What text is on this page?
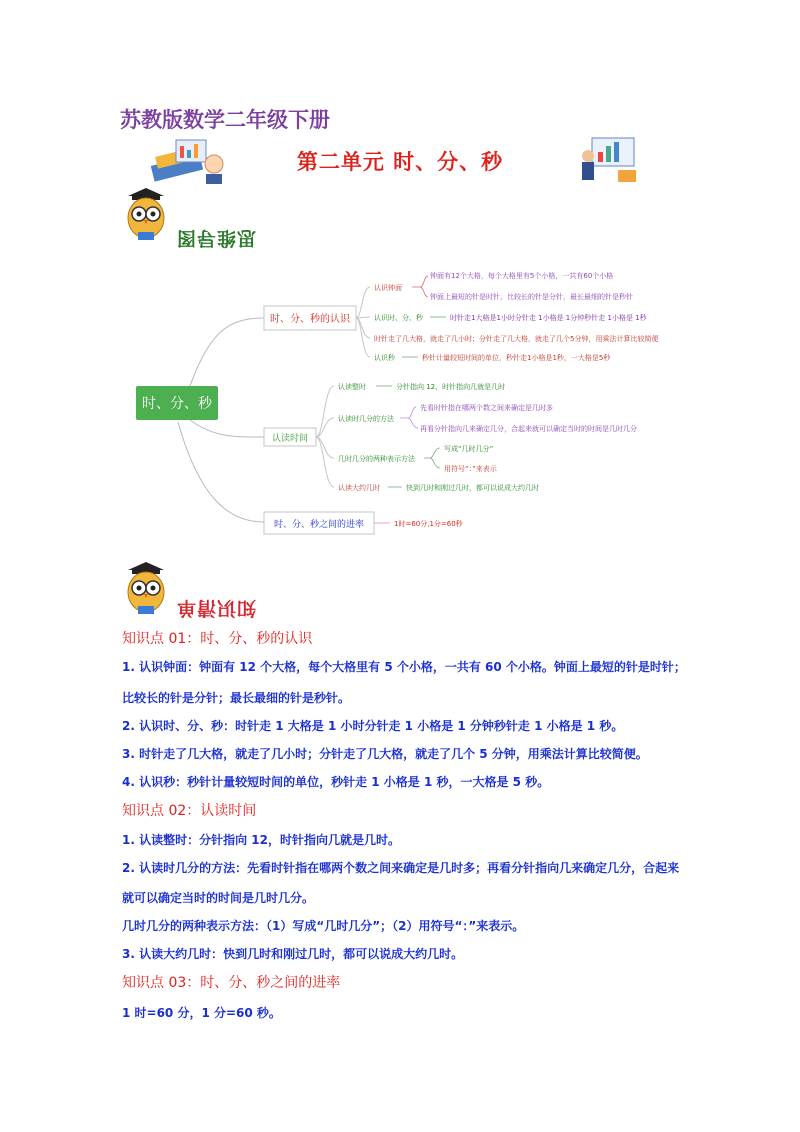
苏教版数学二年级下册
第二单元 时、分、秒
思维导图
时、分、秒
时、分、秒的认识
认识钟面
钟面有12个大格，每个大格里有5个小格，一共有60个小格
钟面上最短的针是时针，比较长的针是分针，最长最细的针是秒针
认识时、分、秒	时针走1大格是1小时分针走 1小格是 1分钟秒针走 1小格是 1秒
时针走了几大格，就走了几小时；分针走了几大格，就走了几个5分钟，用乘法计算比较简便
认识秒	秒针计量较短时间的单位，秒针走1小格是1秒，一大格是5秒
认读时间
认读整时	分针指向 12，时针指向几就是几时
认读时几分的方法
先看时针指在哪两个数之间来确定是几时多
再看分针指向几来确定几分，合起来就可以确定当时的时间是几时几分
几时几分的两种表示方法
写成“几时几分”
用符号“：”来表示
认读大约几时	快到几时和刚过几时，都可以说成大约几时
时、分、秒之间的进率	1时=60分,1分=60秒
知识清单
知识点 01：时、分、秒的认识
1. 认识钟面：钟面有 12 个大格，每个大格里有 5 个小格，一共有 60 个小格。钟面上最短的针是时针；
比较长的针是分针；最长最细的针是秒针。
2. 认识时、分、秒：时针走 1 大格是 1 小时分针走 1 小格是 1 分钟秒针走 1 小格是 1 秒。
3. 时针走了几大格，就走了几小时；分针走了几大格，就走了几个 5 分钟，用乘法计算比较简便。
4. 认识秒：秒针计量较短时间的单位，秒针走 1 小格是 1 秒，一大格是 5 秒。
知识点 02：认读时间
1. 认读整时：分针指向 12，时针指向几就是几时。
2. 认读时几分的方法：先看时针指在哪两个数之间来确定是几时多；再看分针指向几来确定几分，合起来
就可以确定当时的时间是几时几分。
几时几分的两种表示方法：（1）写成“几时几分”；（2）用符号“：”来表示。
3. 认读大约几时：快到几时和刚过几时，都可以说成大约几时。
知识点 03：时、分、秒之间的进率
1 时=60 分，1 分=60 秒。
